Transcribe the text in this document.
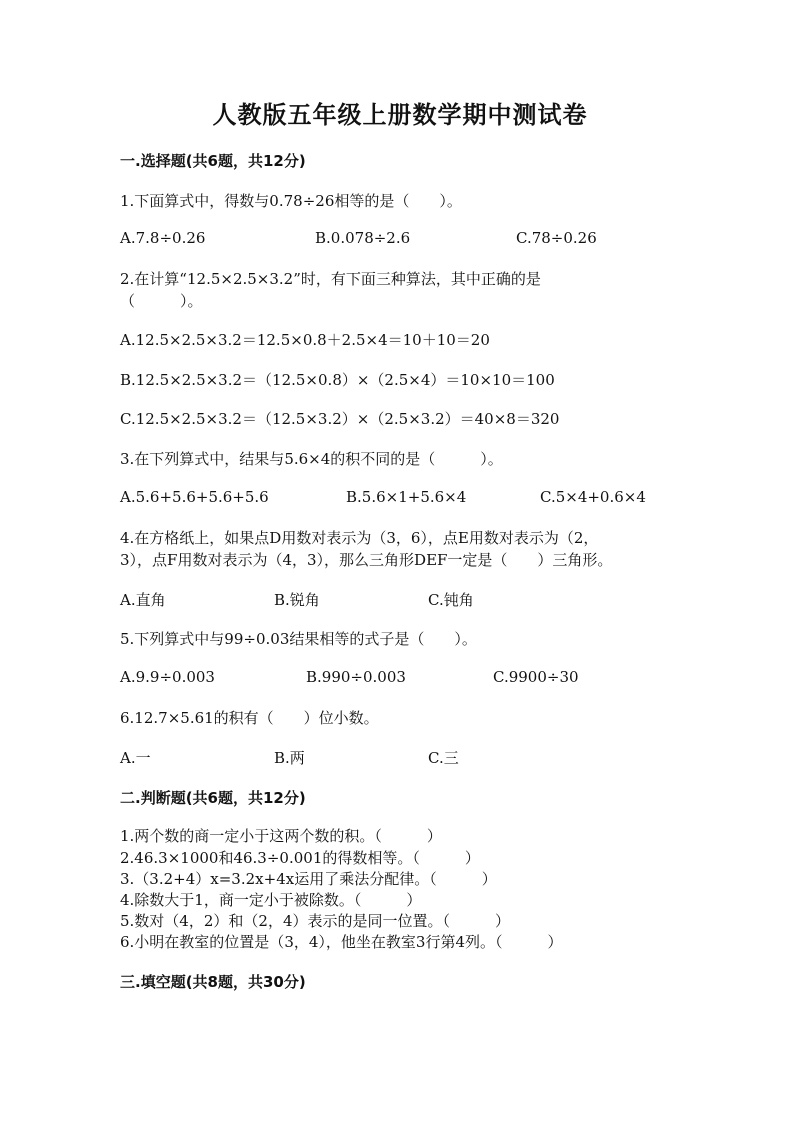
人教版五年级上册数学期中测试卷
一.选择题(共6题，共12分)
1.下面算式中，得数与0.78÷26相等的是（　　）。
A.7.8÷0.26	B.0.078÷2.6	C.78÷0.26
2.在计算“12.5×2.5×3.2”时，有下面三种算法，其中正确的是
（　　　）。
A.12.5×2.5×3.2＝12.5×0.8＋2.5×4＝10＋10＝20
B.12.5×2.5×3.2＝（12.5×0.8）×（2.5×4）＝10×10＝100
C.12.5×2.5×3.2＝（12.5×3.2）×（2.5×3.2）＝40×8＝320
3.在下列算式中，结果与5.6×4的积不同的是（　　　）。
A.5.6+5.6+5.6+5.6	B.5.6×1+5.6×4	C.5×4+0.6×4
4.在方格纸上，如果点D用数对表示为（3，6），点E用数对表示为（2，
3），点F用数对表示为（4，3），那么三角形DEF一定是（　　）三角形。
A.直角	B.锐角	C.钝角
5.下列算式中与99÷0.03结果相等的式子是（　　）。
A.9.9÷0.003	B.990÷0.003	C.9900÷30
6.12.7×5.61的积有（　　）位小数。
A.一	B.两	C.三
二.判断题(共6题，共12分)
1.两个数的商一定小于这两个数的积。（　　　）
2.46.3×1000和46.3÷0.001的得数相等。（　　　）
3.（3.2+4）x=3.2x+4x运用了乘法分配律。（　　　）
4.除数大于1，商一定小于被除数。（　　　）
5.数对（4，2）和（2，4）表示的是同一位置。（　　　）
6.小明在教室的位置是（3，4），他坐在教室3行第4列。（　　　）
三.填空题(共8题，共30分)
